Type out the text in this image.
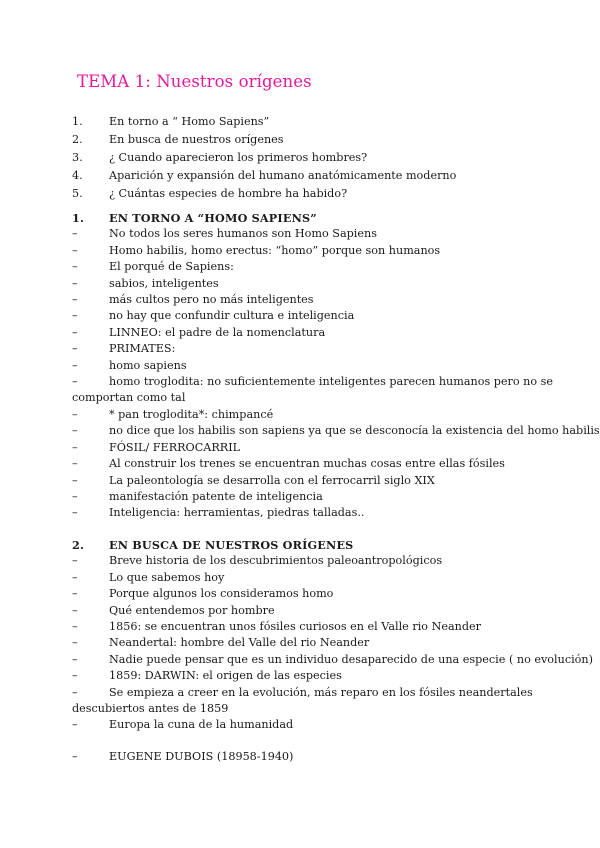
TEMA 1: Nuestros orígenes
1.	En torno a “ Homo Sapiens”
2.	En busca de nuestros orígenes
3.	¿ Cuando aparecieron los primeros hombres?
4.	Aparición y expansión del humano anatómicamente moderno
5.	¿ Cuántas especies de hombre ha habido?
1.	EN TORNO A “HOMO SAPIENS”
–	No todos los seres humanos son Homo Sapiens
–	Homo habilis, homo erectus: “homo” porque son humanos
–	El porqué de Sapiens:
–	sabios, inteligentes
–	más cultos pero no más inteligentes
–	no hay que confundir cultura e inteligencia
–	LINNEO: el padre de la nomenclatura
–	PRIMATES:
–	homo sapiens
–	homo troglodita: no suficientemente inteligentes parecen humanos pero no se comportan como tal
–	* pan troglodita*: chimpancé
–	no dice que los habilis son sapiens ya que se desconocía la existencia del homo habilis
–	FÓSIL/ FERROCARRIL
–	Al construir los trenes se encuentran muchas cosas entre ellas fósiles
–	La paleontología se desarrolla con el ferrocarril siglo XIX
–	manifestación patente de inteligencia
–	Inteligencia: herramientas, piedras talladas..
2.	EN BUSCA DE NUESTROS ORÍGENES
–	Breve historia de los descubrimientos paleoantropológicos
–	Lo que sabemos hoy
–	Porque algunos los consideramos homo
–	Qué entendemos por hombre
–	1856: se encuentran unos fósiles curiosos en el Valle rio Neander
–	Neandertal: hombre del Valle del rio Neander
–	Nadie puede pensar que es un individuo desaparecido de una especie ( no evolución)
–	1859: DARWIN: el origen de las especies
–	Se empieza a creer en la evolución, más reparo en los fósiles neandertales descubiertos antes de 1859
–	Europa la cuna de la humanidad
–	EUGENE DUBOIS (18958-1940)
